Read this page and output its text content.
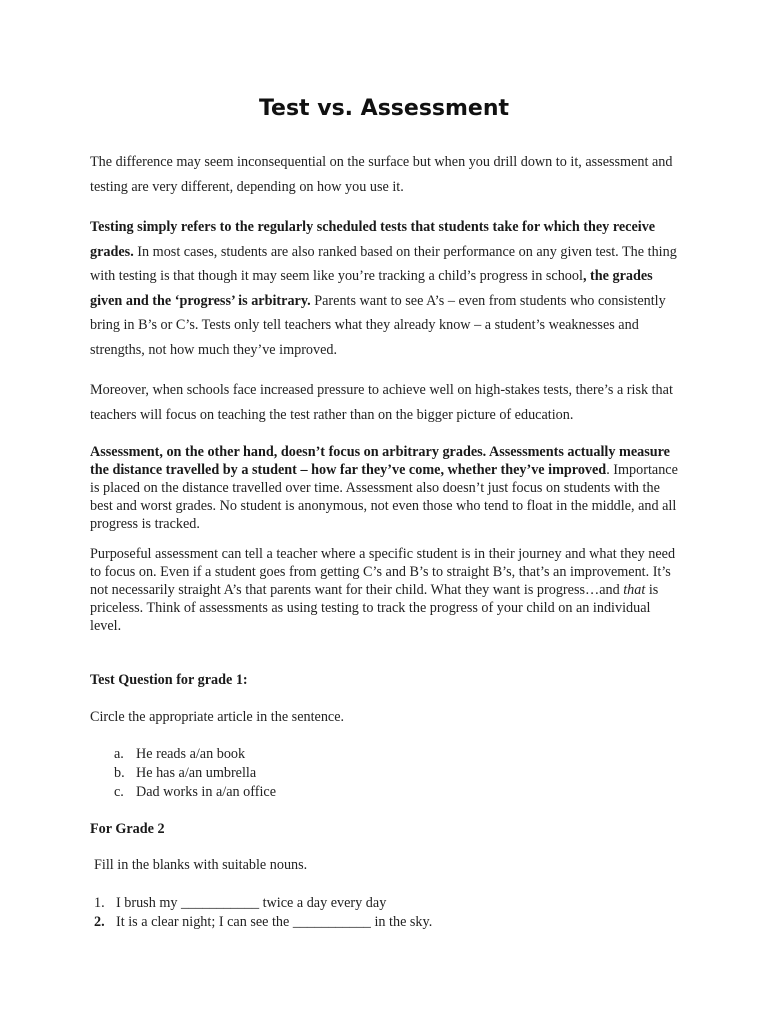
Test vs. Assessment

The difference may seem inconsequential on the surface but when you drill down to it, assessment and testing are very different, depending on how you use it.

Testing simply refers to the regularly scheduled tests that students take for which they receive grades. In most cases, students are also ranked based on their performance on any given test. The thing with testing is that though it may seem like you’re tracking a child’s progress in school, the grades given and the ‘progress’ is arbitrary. Parents want to see A’s – even from students who consistently bring in B’s or C’s. Tests only tell teachers what they already know – a student’s weaknesses and strengths, not how much they’ve improved.

Moreover, when schools face increased pressure to achieve well on high-stakes tests, there’s a risk that teachers will focus on teaching the test rather than on the bigger picture of education.

Assessment, on the other hand, doesn’t focus on arbitrary grades. Assessments actually measure the distance travelled by a student – how far they’ve come, whether they’ve improved. Importance is placed on the distance travelled over time. Assessment also doesn’t just focus on students with the best and worst grades. No student is anonymous, not even those who tend to float in the middle, and all progress is tracked.

Purposeful assessment can tell a teacher where a specific student is in their journey and what they need to focus on. Even if a student goes from getting C’s and B’s to straight B’s, that’s an improvement. It’s not necessarily straight A’s that parents want for their child. What they want is progress…and that is priceless. Think of assessments as using testing to track the progress of your child on an individual level.

Test Question for grade 1:

Circle the appropriate article in the sentence.

a. He reads a/an book
b. He has a/an umbrella
c. Dad works in a/an office

For Grade 2

Fill in the blanks with suitable nouns.

1. I brush my ___________ twice a day every day
2. It is a clear night; I can see the ___________ in the sky.
